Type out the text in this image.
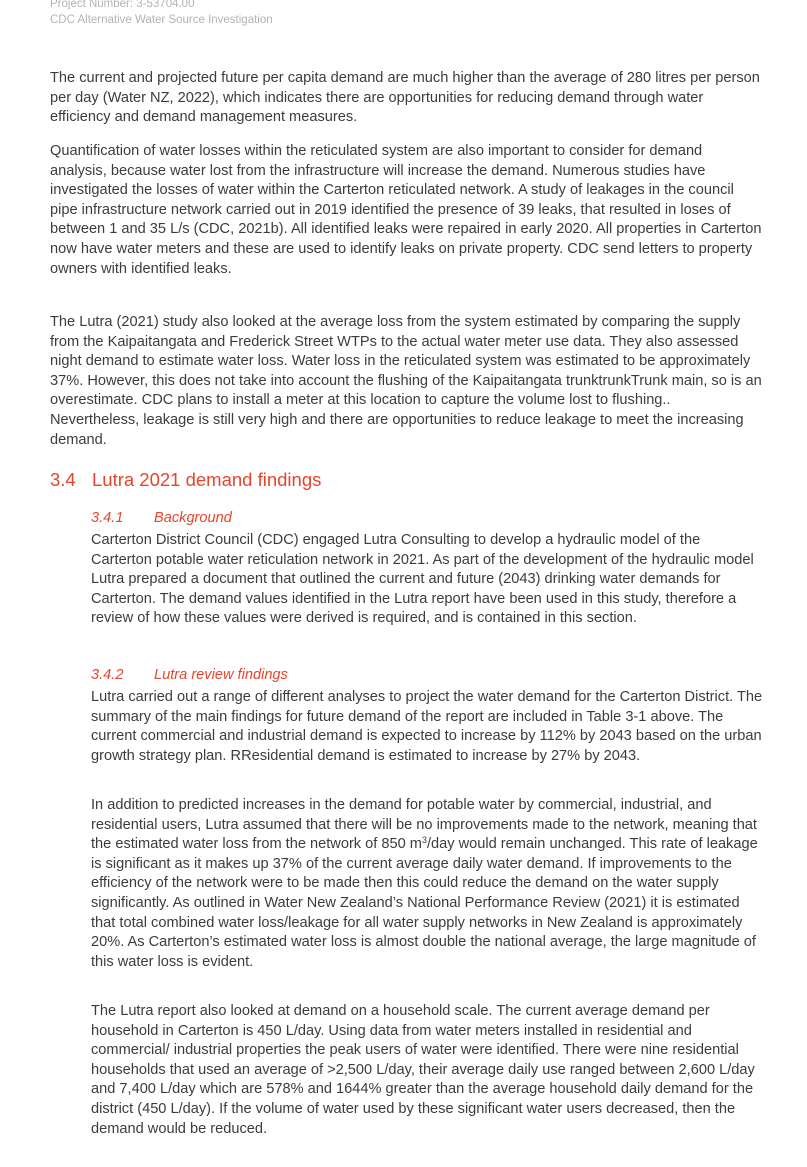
Project Number: 3-53704.00
CDC Alternative Water Source Investigation

The current and projected future per capita demand are much higher than the average of 280 litres per person per day (Water NZ, 2022), which indicates there are opportunities for reducing demand through water efficiency and demand management measures.

Quantification of water losses within the reticulated system are also important to consider for demand analysis, because water lost from the infrastructure will increase the demand. Numerous studies have investigated the losses of water within the Carterton reticulated network. A study of leakages in the council pipe infrastructure network carried out in 2019 identified the presence of 39 leaks, that resulted in loses of between 1 and 35 L/s (CDC, 2021b). All identified leaks were repaired in early 2020. All properties in Carterton now have water meters and these are used to identify leaks on private property. CDC send letters to property owners with identified leaks.

The Lutra (2021) study also looked at the average loss from the system estimated by comparing the supply from the Kaipaitangata and Frederick Street WTPs to the actual water meter use data. They also assessed night demand to estimate water loss. Water loss in the reticulated system was estimated to be approximately 37%. However, this does not take into account the flushing of the Kaipaitangata trunktrunkTrunk main, so is an overestimate. CDC plans to install a meter at this location to capture the volume lost to flushing.. Nevertheless, leakage is still very high and there are opportunities to reduce leakage to meet the increasing demand.

3.4 Lutra 2021 demand findings
3.4.1 Background

Carterton District Council (CDC) engaged Lutra Consulting to develop a hydraulic model of the Carterton potable water reticulation network in 2021. As part of the development of the hydraulic model Lutra prepared a document that outlined the current and future (2043) drinking water demands for Carterton. The demand values identified in the Lutra report have been used in this study, therefore a review of how these values were derived is required, and is contained in this section.

3.4.2 Lutra review findings

Lutra carried out a range of different analyses to project the water demand for the Carterton District. The summary of the main findings for future demand of the report are included in Table 3-1 above. The current commercial and industrial demand is expected to increase by 112% by 2043 based on the urban growth strategy plan. RResidential demand is estimated to increase by 27% by 2043.

In addition to predicted increases in the demand for potable water by commercial, industrial, and residential users, Lutra assumed that there will be no improvements made to the network, meaning that the estimated water loss from the network of 850 $m^3$/day would remain unchanged. This rate of leakage is significant as it makes up 37% of the current average daily water demand. If improvements to the efficiency of the network were to be made then this could reduce the demand on the water supply significantly. As outlined in Water New Zealand’s National Performance Review (2021) it is estimated that total combined water loss/leakage for all water supply networks in New Zealand is approximately 20%. As Carterton’s estimated water loss is almost double the national average, the large magnitude of this water loss is evident.

The Lutra report also looked at demand on a household scale. The current average demand per household in Carterton is 450 L/day. Using data from water meters installed in residential and commercial/ industrial properties the peak users of water were identified. There were nine residential households that used an average of >2,500 L/day, their average daily use ranged between 2,600 L/day and 7,400 L/day which are 578% and 1644% greater than the average household daily demand for the district (450 L/day). If the volume of water used by these significant water users decreased, then the demand would be reduced.
